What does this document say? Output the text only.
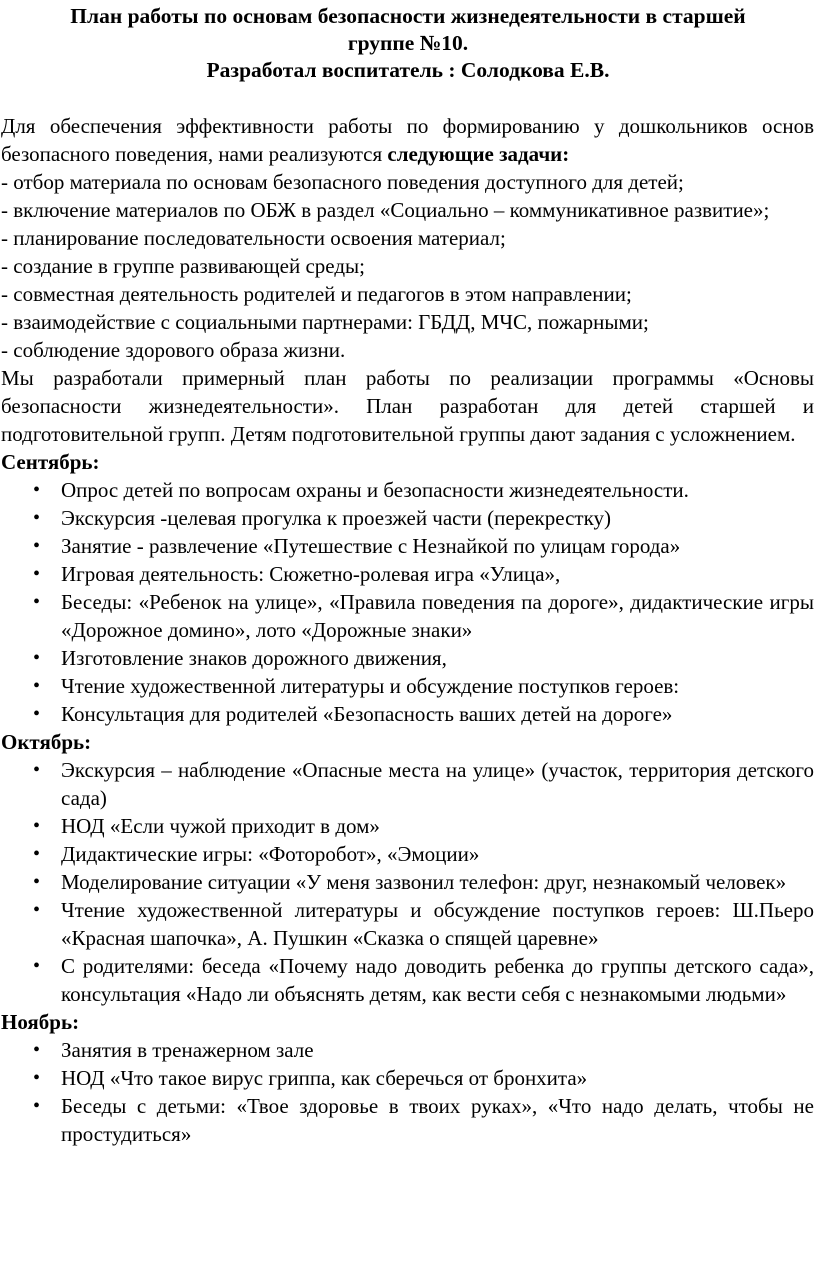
План работы по основам безопасности жизнедеятельности в старшей
группе №10.
Разработал воспитатель : Солодкова Е.В.
Для обеспечения эффективности работы по формированию у дошкольников основ безопасного поведения, нами реализуются следующие задачи:
- отбор материала по основам безопасного поведения доступного для детей;
- включение материалов по ОБЖ в раздел «Социально – коммуникативное развитие»;
- планирование последовательности освоения материал;
- создание в группе развивающей среды;
- совместная деятельность родителей и педагогов в этом направлении;
- взаимодействие с социальными партнерами: ГБДД, МЧС, пожарными;
- соблюдение здорового образа жизни.
Мы разработали примерный план работы по реализации программы «Основы безопасности жизнедеятельности». План разработан для детей старшей и подготовительной групп. Детям подготовительной группы дают задания с усложнением.
Сентябрь:
• Опрос детей по вопросам охраны и безопасности жизнедеятельности.
• Экскурсия -целевая прогулка к проезжей части (перекрестку)
• Занятие - развлечение «Путешествие с Незнайкой по улицам города»
• Игровая деятельность: Сюжетно-ролевая игра «Улица»,
• Беседы: «Ребенок на улице», «Правила поведения па дороге», дидактические игры «Дорожное домино», лото «Дорожные знаки»
• Изготовление знаков дорожного движения,
• Чтение художественной литературы и обсуждение поступков героев:
• Консультация для родителей «Безопасность ваших детей на дороге»
Октябрь:
• Экскурсия – наблюдение «Опасные места на улице» (участок, территория детского сада)
• НОД «Если чужой приходит в дом»
• Дидактические игры: «Фоторобот», «Эмоции»
• Моделирование ситуации «У меня зазвонил телефон: друг, незнакомый человек»
• Чтение художественной литературы и обсуждение поступков героев: Ш.Пьеро «Красная шапочка», А. Пушкин «Сказка о спящей царевне»
• С родителями: беседа «Почему надо доводить ребенка до группы детского сада», консультация «Надо ли объяснять детям, как вести себя с незнакомыми людьми»
Ноябрь:
• Занятия в тренажерном зале
• НОД «Что такое вирус гриппа, как сберечься от бронхита»
• Беседы с детьми: «Твое здоровье в твоих руках», «Что надо делать, чтобы не простудиться»
